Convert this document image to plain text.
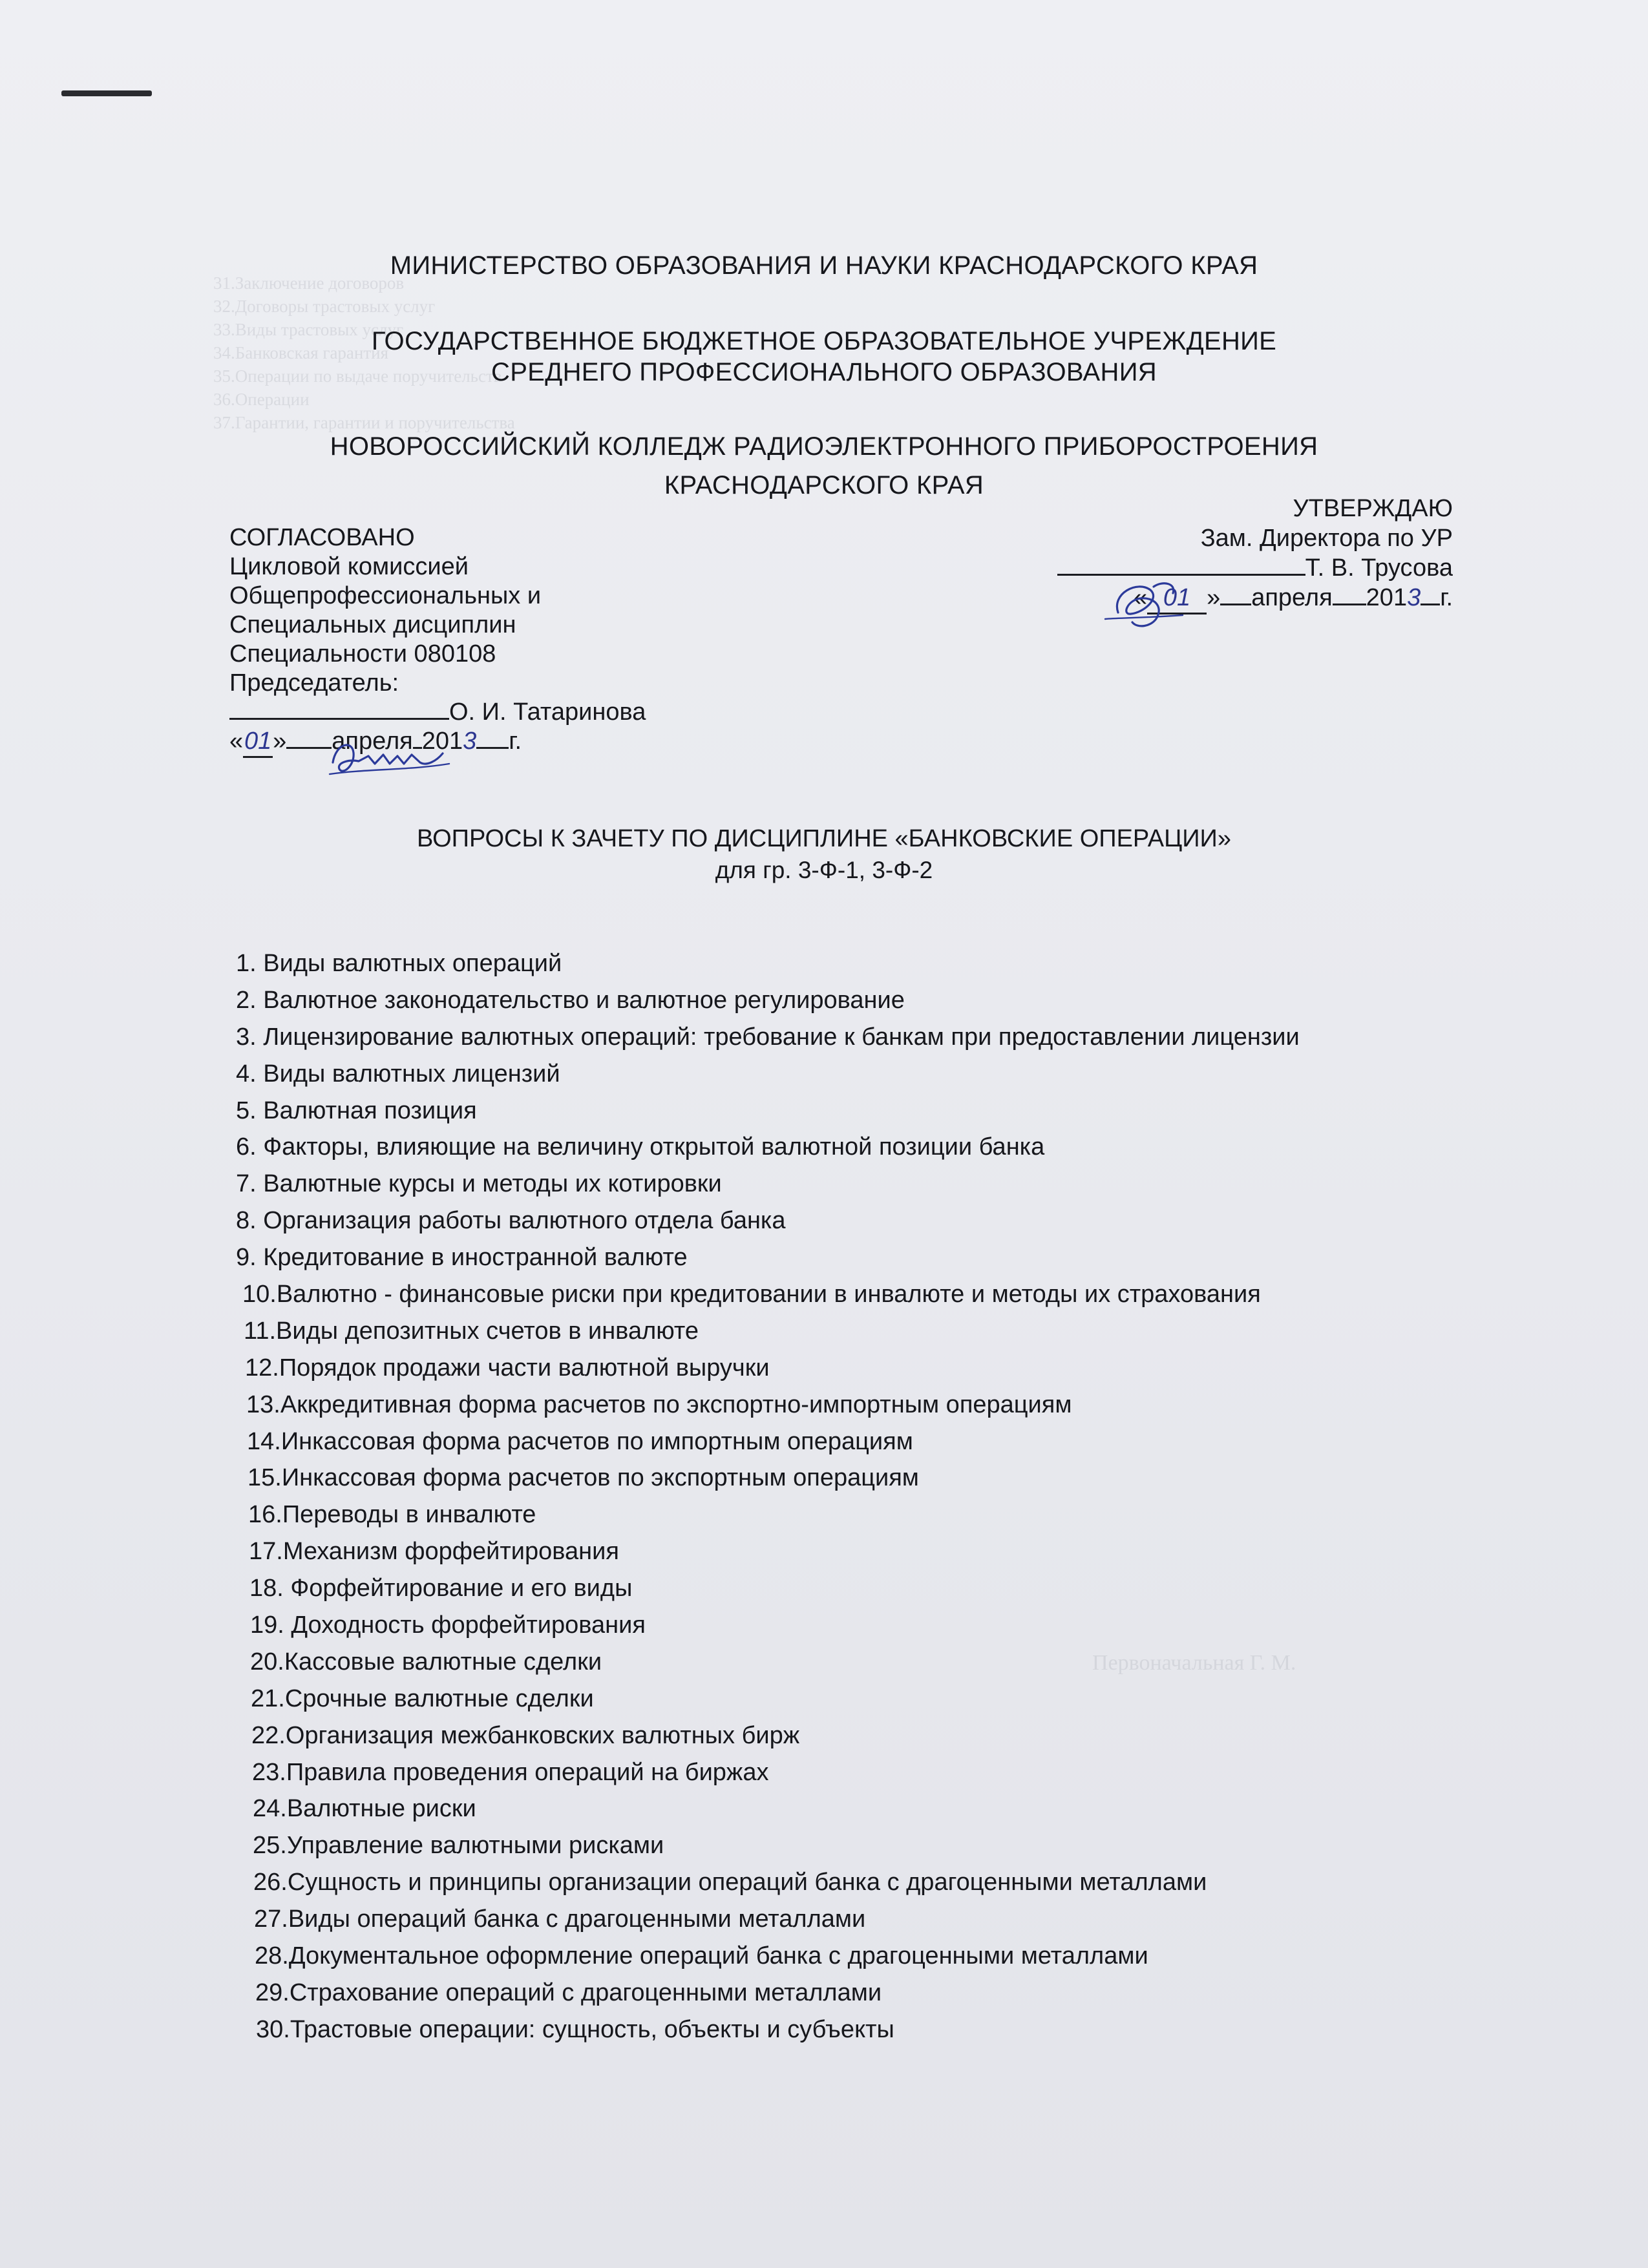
31.Заключение договоров
32.Договоры трастовых услуг
33.Виды трастовых услуг
34.Банковская гарантия
35.Операции по выдаче поручительств
36.Операции
37.Гарантии, гарантии и поручительства
Первоначальная Г. М.
МИНИСТЕРСТВО ОБРАЗОВАНИЯ И НАУКИ КРАСНОДАРСКОГО КРАЯ
ГОСУДАРСТВЕННОЕ БЮДЖЕТНОЕ ОБРАЗОВАТЕЛЬНОЕ УЧРЕЖДЕНИЕ
СРЕДНЕГО ПРОФЕССИОНАЛЬНОГО ОБРАЗОВАНИЯ
НОВОРОССИЙСКИЙ КОЛЛЕДЖ РАДИОЭЛЕКТРОННОГО ПРИБОРОСТРОЕНИЯ
КРАСНОДАРСКОГО КРАЯ
УТВЕРЖДАЮ
Зам. Директора по УР
Т. В. Трусова
« 01 » апреля 2013 г.
СОГЛАСОВАНО
Цикловой комиссией
Общепрофессиональных и
Специальных дисциплин
Специальности 080108
Председатель:
О. И. Татаринова
«01» апреля 2013 г.
ВОПРОСЫ К ЗАЧЕТУ ПО ДИСЦИПЛИНЕ «БАНКОВСКИЕ ОПЕРАЦИИ»
для гр. 3-Ф-1, 3-Ф-2
1. Виды валютных операций
2. Валютное законодательство и валютное регулирование
3. Лицензирование валютных операций: требование к банкам при предоставлении лицензии
4. Виды валютных лицензий
5. Валютная позиция
6. Факторы, влияющие на величину открытой валютной позиции банка
7. Валютные курсы и методы их котировки
8. Организация работы валютного отдела банка
9. Кредитование в иностранной валюте
10.Валютно - финансовые риски при кредитовании в инвалюте и методы их страхования
11.Виды депозитных счетов в инвалюте
12.Порядок продажи части валютной выручки
13.Аккредитивная форма расчетов по экспортно-импортным операциям
14.Инкассовая форма расчетов по импортным операциям
15.Инкассовая форма расчетов по экспортным операциям
16.Переводы в инвалюте
17.Механизм форфейтирования
18. Форфейтирование и его виды
19. Доходность форфейтирования
20.Кассовые валютные сделки
21.Срочные валютные сделки
22.Организация межбанковских валютных бирж
23.Правила проведения операций на биржах
24.Валютные риски
25.Управление валютными рисками
26.Сущность и принципы организации операций банка с драгоценными металлами
27.Виды операций банка с драгоценными металлами
28.Документальное оформление операций банка с драгоценными металлами
29.Страхование операций с драгоценными металлами
30.Трастовые операции: сущность, объекты и субъекты
